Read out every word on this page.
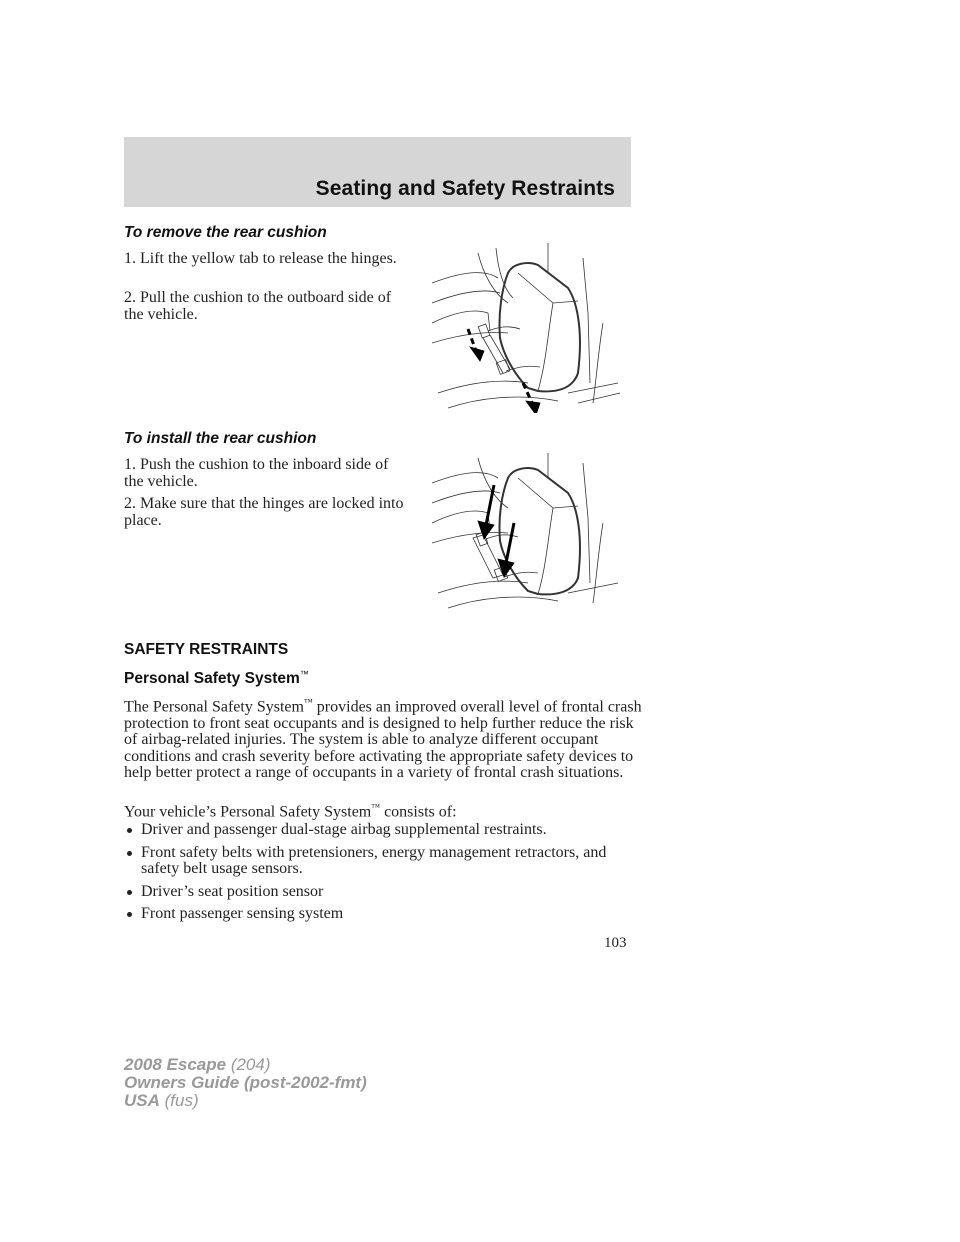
Seating and Safety Restraints
To remove the rear cushion
1. Lift the yellow tab to release the hinges.
2. Pull the cushion to the outboard side of the vehicle.
To install the rear cushion
1. Push the cushion to the inboard side of the vehicle.
2. Make sure that the hinges are locked into place.
SAFETY RESTRAINTS
Personal Safety System™
The Personal Safety System™ provides an improved overall level of frontal crash protection to front seat occupants and is designed to help further reduce the risk of airbag-related injuries. The system is able to analyze different occupant conditions and crash severity before activating the appropriate safety devices to help better protect a range of occupants in a variety of frontal crash situations.
Your vehicle’s Personal Safety System™ consists of:
Driver and passenger dual-stage airbag supplemental restraints.
Front safety belts with pretensioners, energy management retractors, and safety belt usage sensors.
Driver’s seat position sensor
Front passenger sensing system
103
2008 Escape (204)
Owners Guide (post-2002-fmt)
USA (fus)
